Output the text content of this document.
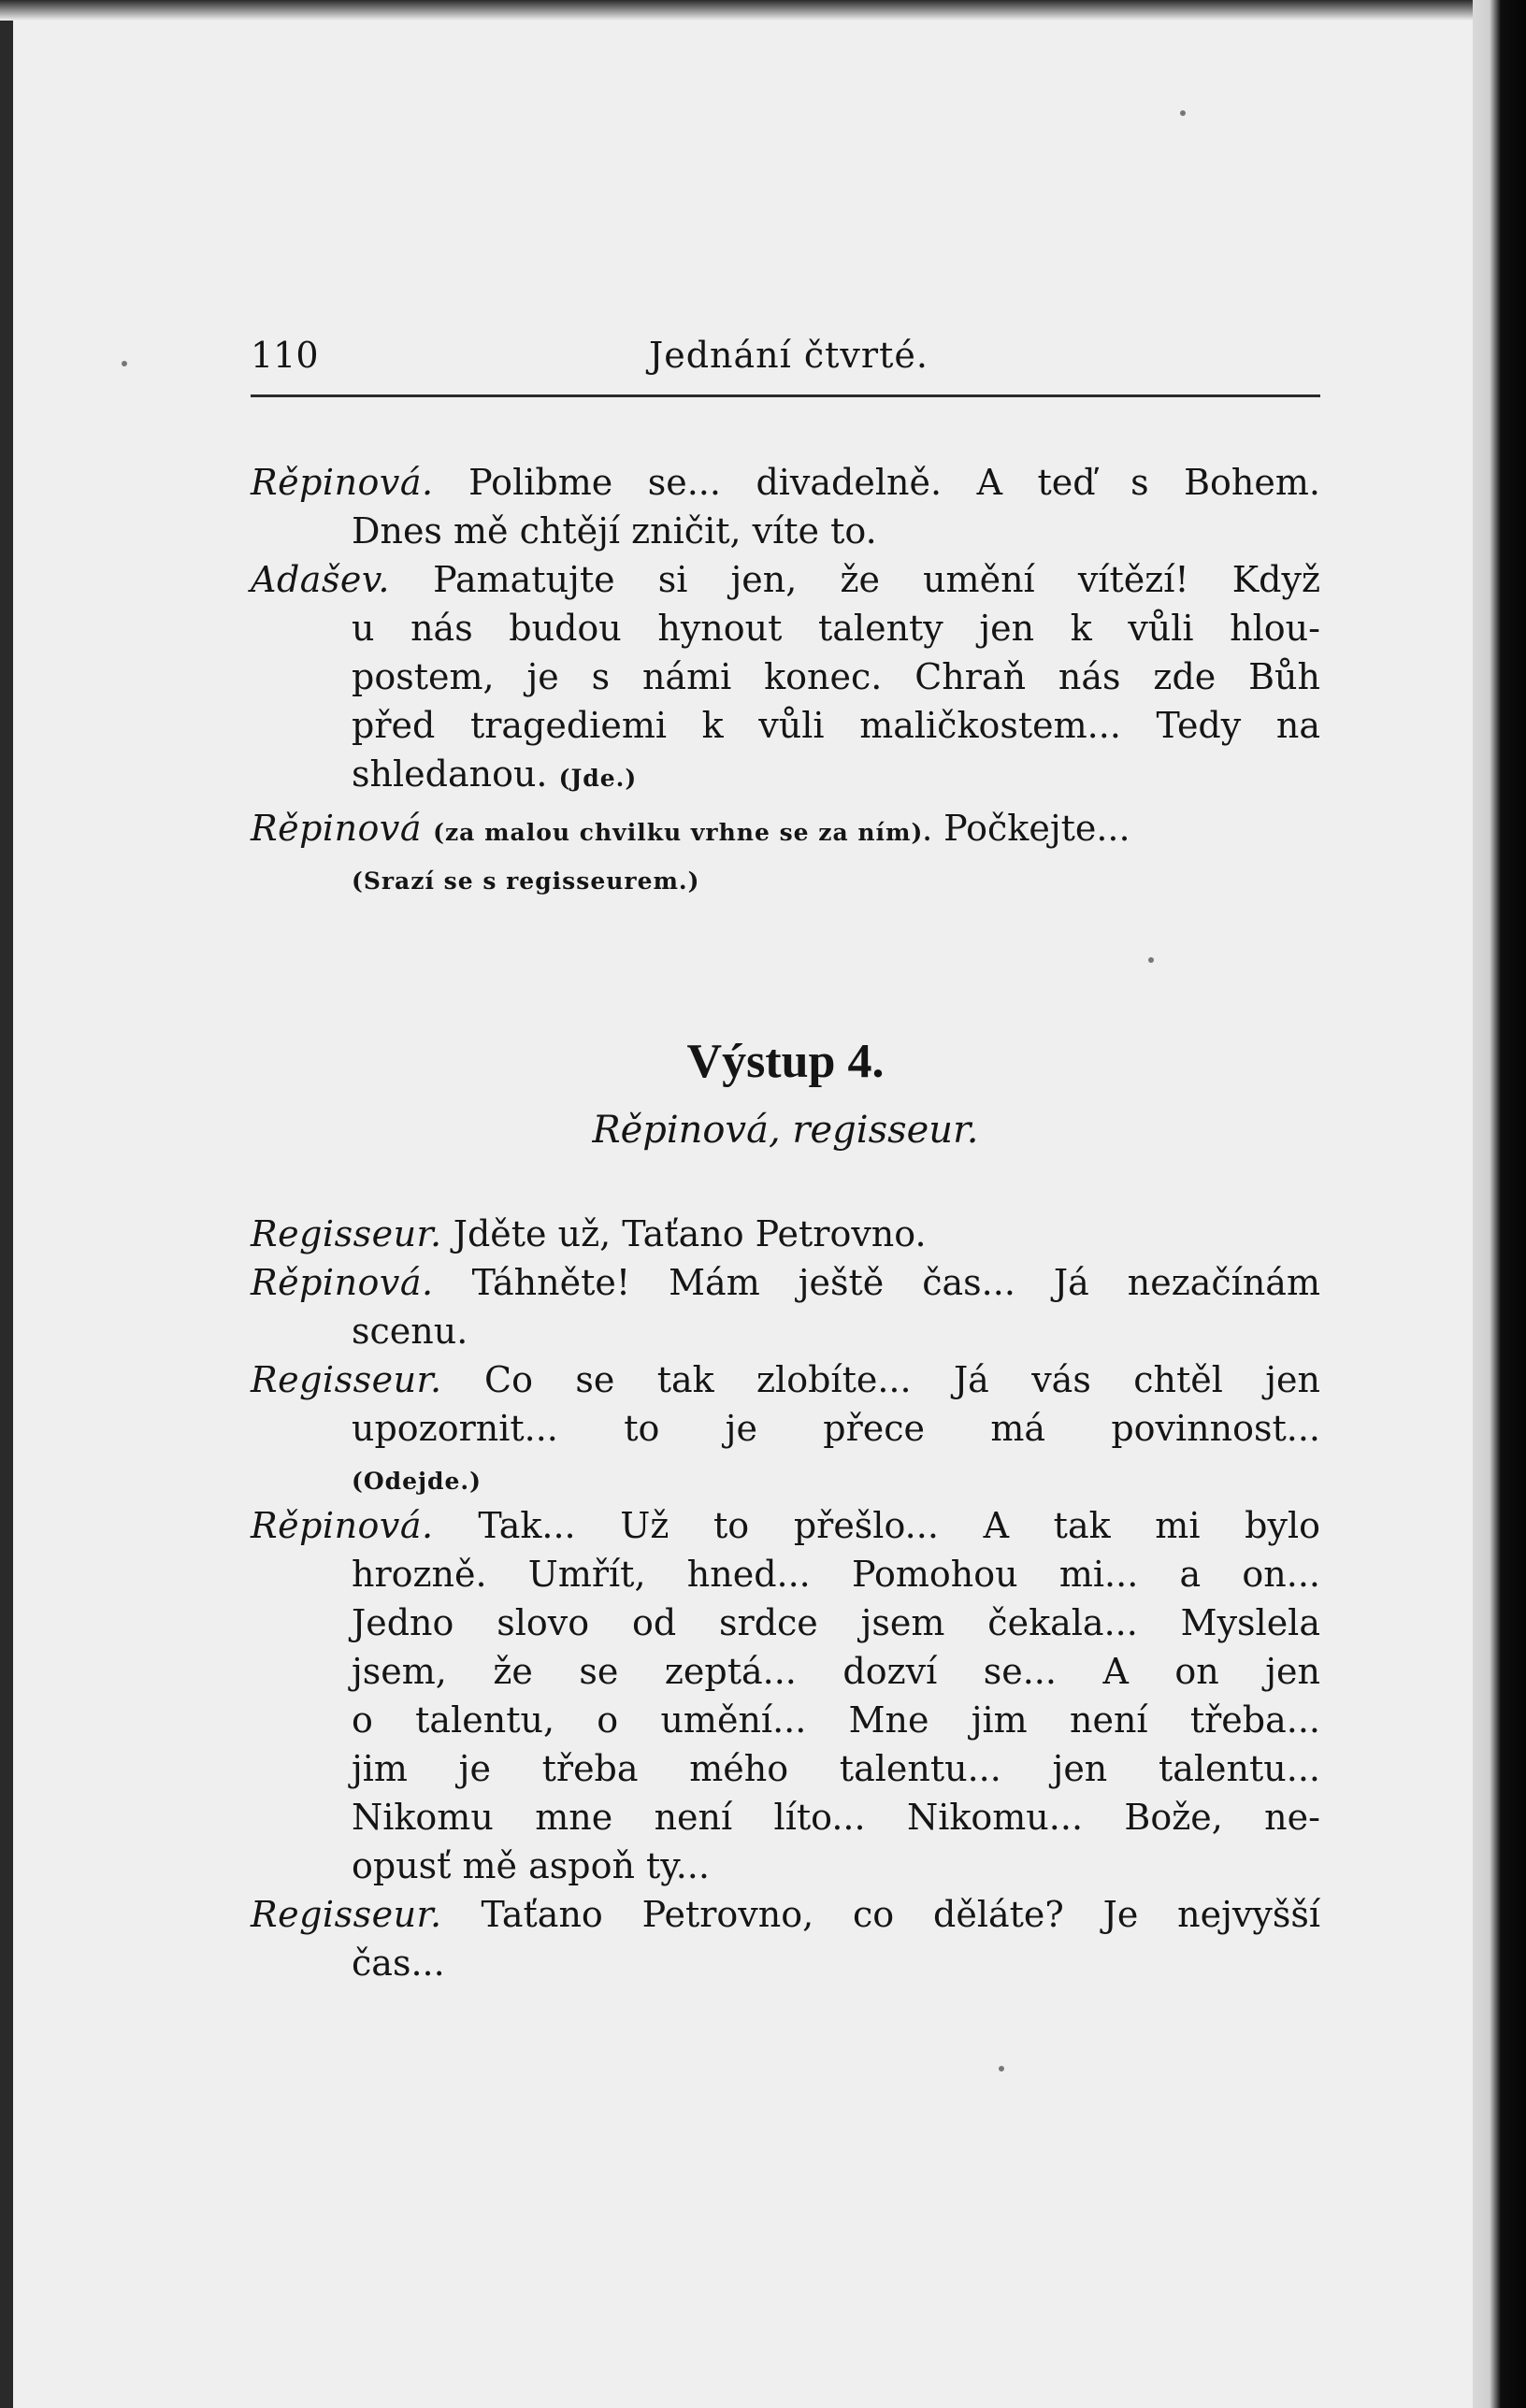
110	Jednání čtvrté.
Rěpinová. Polibme se... divadelně. A teď s Bohem.
Dnes mě chtějí zničit, víte to.
Adašev. Pamatujte si jen, že umění vítězí! Když
u nás budou hynout talenty jen k vůli hlou-
postem, je s námi konec. Chraň nás zde Bůh
před tragediemi k vůli maličkostem... Tedy na
shledanou. (Jde.)
Rěpinová (za malou chvilku vrhne se za ním). Počkejte...
(Srazí se s regisseurem.)
Výstup 4.
Rěpinová, regisseur.
Regisseur. Jděte už, Taťano Petrovno.
Rěpinová. Táhněte! Mám ještě čas... Já nezačínám
scenu.
Regisseur. Co se tak zlobíte... Já vás chtěl jen
upozornit... to je přece má povinnost...
(Odejde.)
Rěpinová. Tak... Už to přešlo... A tak mi bylo
hrozně. Umřít, hned... Pomohou mi... a on...
Jedno slovo od srdce jsem čekala... Myslela
jsem, že se zeptá... dozví se... A on jen
o talentu, o umění... Mne jim není třeba...
jim je třeba mého talentu... jen talentu...
Nikomu mne není líto... Nikomu... Bože, ne-
opusť mě aspoň ty...
Regisseur. Taťano Petrovno, co děláte? Je nejvyšší
čas...
